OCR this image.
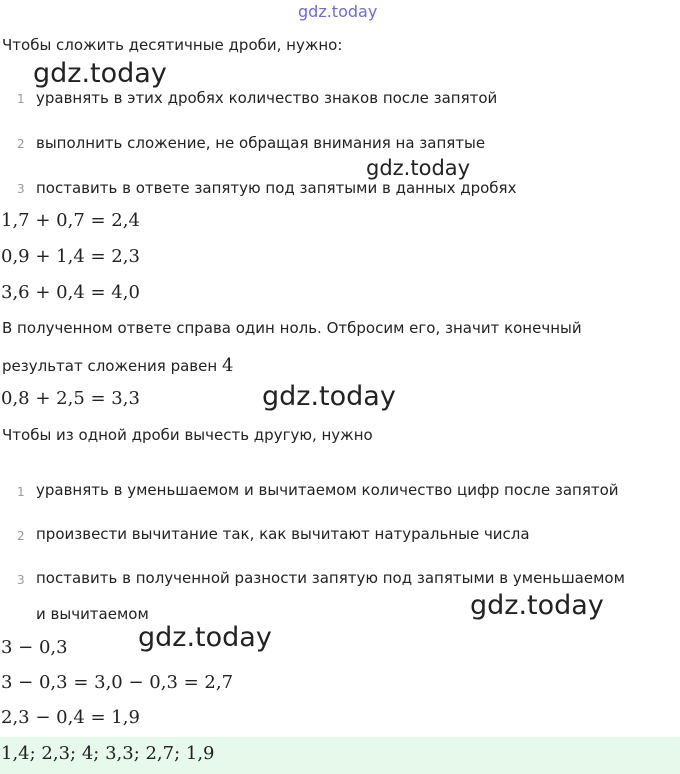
gdz.today
gdz.today
gdz.today
gdz.today
gdz.today
gdz.today
Чтобы сложить десятичные дроби, нужно:
1 уравнять в этих дробях количество знаков после запятой
2 выполнить сложение, не обращая внимания на запятые
3 поставить в ответе запятую под запятыми в данных дробях
1,7 + 0,7 = 2,4
0,9 + 1,4 = 2,3
3,6 + 0,4 = 4,0
В полученном ответе справа один ноль. Отбросим его, значит конечный
результат сложения равен 4
0,8 + 2,5 = 3,3
Чтобы из одной дроби вычесть другую, нужно
1 уравнять в уменьшаемом и вычитаемом количество цифр после запятой
2 произвести вычитание так, как вычитают натуральные числа
3 поставить в полученной разности запятую под запятыми в уменьшаемом
и вычитаемом
3 − 0,3
3 − 0,3 = 3,0 − 0,3 = 2,7
2,3 − 0,4 = 1,9
1,4; 2,3; 4; 3,3; 2,7; 1,9
